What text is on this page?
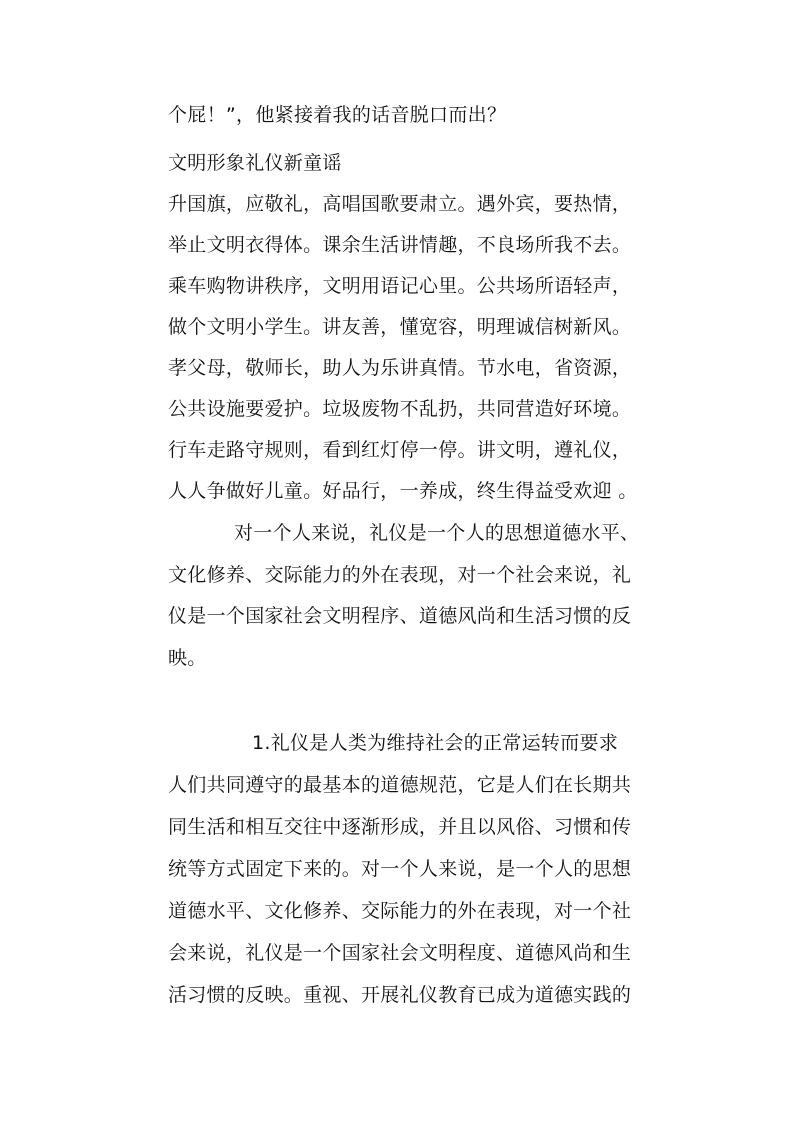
个屁！”，他紧接着我的话音脱口而出？
文明形象礼仪新童谣
升国旗，应敬礼，高唱国歌要肃立。遇外宾，要热情，
举止文明衣得体。课余生活讲情趣，不良场所我不去。
乘车购物讲秩序，文明用语记心里。公共场所语轻声，
做个文明小学生。讲友善，懂宽容，明理诚信树新风。
孝父母，敬师长，助人为乐讲真情。节水电，省资源，
公共设施要爱护。垃圾废物不乱扔，共同营造好环境。
行车走路守规则，看到红灯停一停。讲文明，遵礼仪，
人人争做好儿童。好品行，一养成，终生得益受欢迎 。
对一个人来说，礼仪是一个人的思想道德水平、
文化修养、交际能力的外在表现，对一个社会来说，礼
仪是一个国家社会文明程序、道德风尚和生活习惯的反
映。
1.礼仪是人类为维持社会的正常运转而要求
人们共同遵守的最基本的道德规范，它是人们在长期共
同生活和相互交往中逐渐形成，并且以风俗、习惯和传
统等方式固定下来的。对一个人来说，是一个人的思想
道德水平、文化修养、交际能力的外在表现，对一个社
会来说，礼仪是一个国家社会文明程度、道德风尚和生
活习惯的反映。重视、开展礼仪教育已成为道德实践的
